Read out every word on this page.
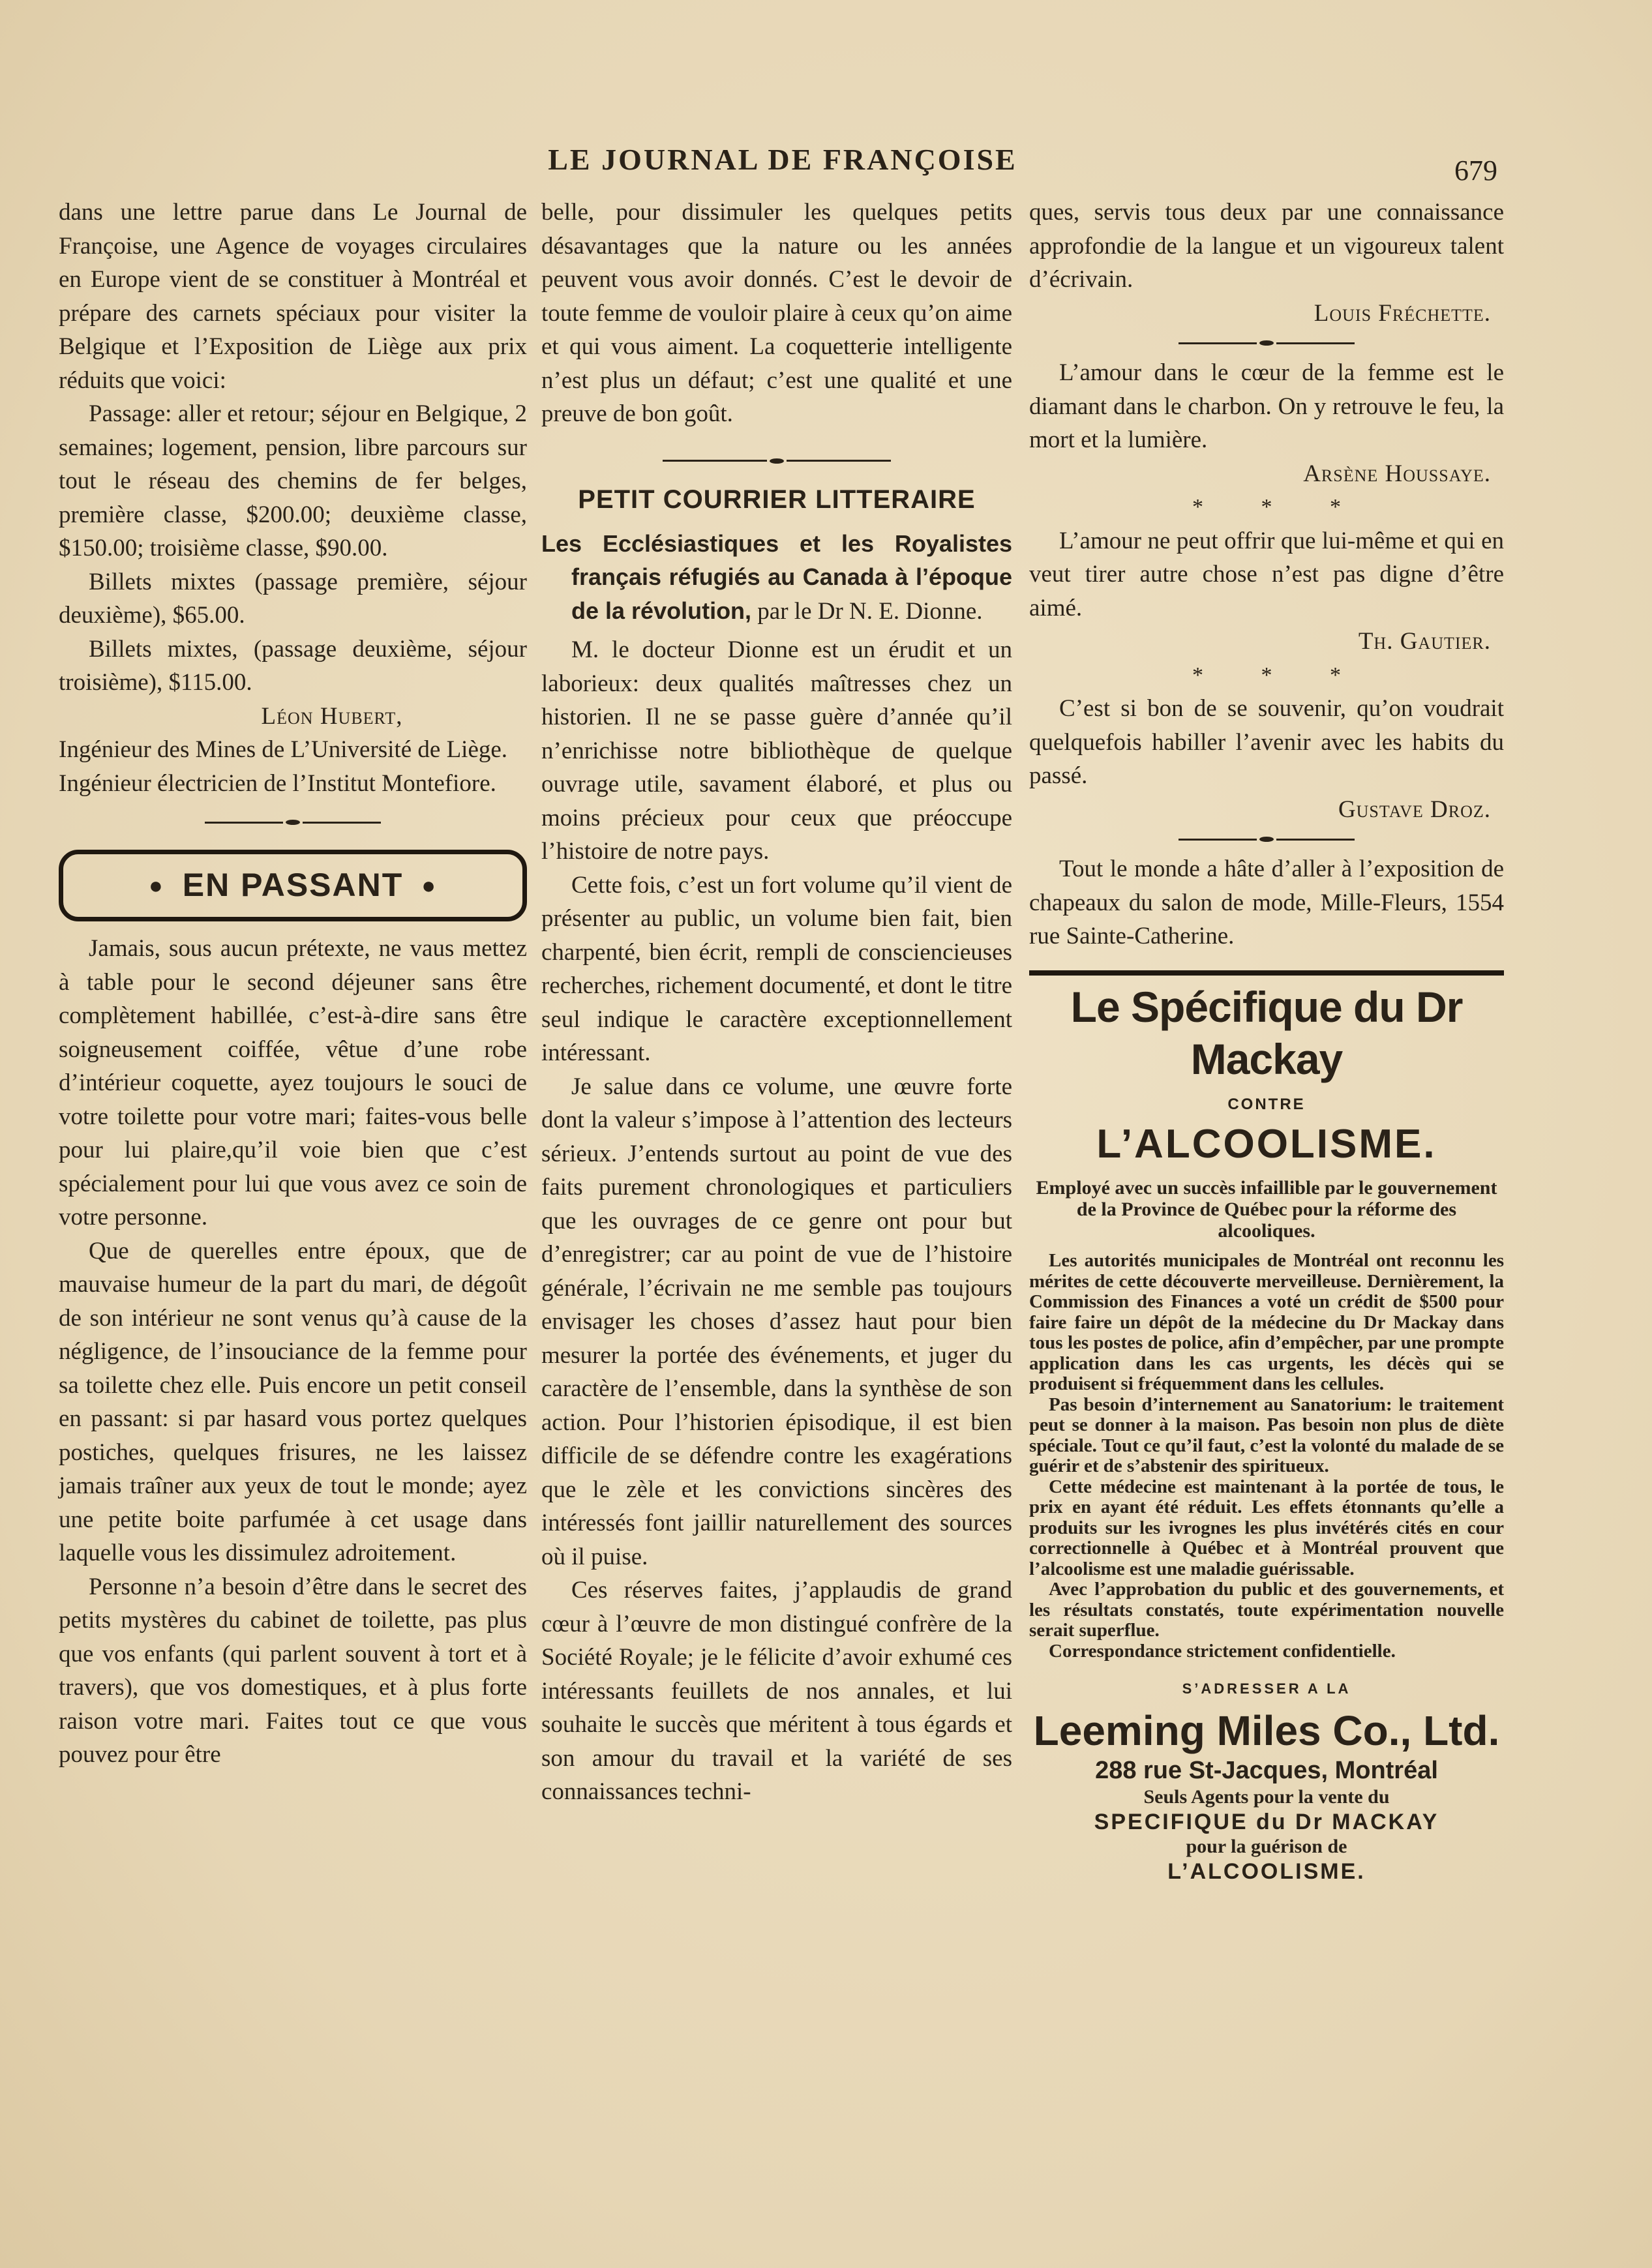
LE JOURNAL DE FRANÇOISE	679

dans une lettre parue dans Le Journal de Françoise, une Agence de voyages circulaires en Europe vient de se constituer à Montréal et prépare des carnets spéciaux pour visiter la Belgique et l’Exposition de Liège aux prix réduits que voici:

Passage: aller et retour; séjour en Belgique, 2 semaines; logement, pension, libre parcours sur tout le réseau des chemins de fer belges, première classe, $200.00; deuxième classe, $150.00; troisième classe, $90.00.

Billets mixtes (passage première, séjour deuxième), $65.00.

Billets mixtes, (passage deuxième, séjour troisième), $115.00.

Léon Hubert,

Ingénieur des Mines de L’Université de Liège.

Ingénieur électricien de l’Institut Montefiore.

● EN PASSANT ●

Jamais, sous aucun prétexte, ne vaus mettez à table pour le second déjeuner sans être complètement habillée, c’est-à-dire sans être soigneusement coiffée, vêtue d’une robe d’intérieur coquette, ayez toujours le souci de votre toilette pour votre mari; faites-vous belle pour lui plaire,qu’il voie bien que c’est spécialement pour lui que vous avez ce soin de votre personne.

Que de querelles entre époux, que de mauvaise humeur de la part du mari, de dégoût de son intérieur ne sont venus qu’à cause de la négligence, de l’insouciance de la femme pour sa toilette chez elle. Puis encore un petit conseil en passant: si par hasard vous portez quelques postiches, quelques frisures, ne les laissez jamais traîner aux yeux de tout le monde; ayez une petite boite parfumée à cet usage dans laquelle vous les dissimulez adroitement.

Personne n’a besoin d’être dans le secret des petits mystères du cabinet de toilette, pas plus que vos enfants (qui parlent souvent à tort et à travers), que vos domestiques, et à plus forte raison votre mari. Faites tout ce que vous pouvez pour être

belle, pour dissimuler les quelques petits désavantages que la nature ou les années peuvent vous avoir donnés. C’est le devoir de toute femme de vouloir plaire à ceux qu’on aime et qui vous aiment. La coquetterie intelligente n’est plus un défaut; c’est une qualité et une preuve de bon goût.

PETIT COURRIER LITTERAIRE

Les Ecclésiastiques et les Royalistes français réfugiés au Canada à l’époque de la révolution, par le Dr N. E. Dionne.

M. le docteur Dionne est un érudit et un laborieux: deux qualités maîtresses chez un historien. Il ne se passe guère d’année qu’il n’enrichisse notre bibliothèque de quelque ouvrage utile, savament élaboré, et plus ou moins précieux pour ceux que préoccupe l’histoire de notre pays.

Cette fois, c’est un fort volume qu’il vient de présenter au public, un volume bien fait, bien charpenté, bien écrit, rempli de consciencieuses recherches, richement documenté, et dont le titre seul indique le caractère exceptionnellement intéressant.

Je salue dans ce volume, une œuvre forte dont la valeur s’impose à l’attention des lecteurs sérieux. J’entends surtout au point de vue des faits purement chronologiques et particuliers que les ouvrages de ce genre ont pour but d’enregistrer; car au point de vue de l’histoire générale, l’écrivain ne me semble pas toujours envisager les choses d’assez haut pour bien mesurer la portée des événements, et juger du caractère de l’ensemble, dans la synthèse de son action. Pour l’historien épisodique, il est bien difficile de se défendre contre les exagérations que le zèle et les convictions sincères des intéressés font jaillir naturellement des sources où il puise.

Ces réserves faites, j’applaudis de grand cœur à l’œuvre de mon distingué confrère de la Société Royale; je le félicite d’avoir exhumé ces intéressants feuillets de nos annales, et lui souhaite le succès que méritent à tous égards et son amour du travail et la variété de ses connaissances techni-

ques, servis tous deux par une connaissance approfondie de la langue et un vigoureux talent d’écrivain.

Louis Fréchette.

L’amour dans le cœur de la femme est le diamant dans le charbon. On y retrouve le feu, la mort et la lumière.

Arsène Houssaye.

* * *

L’amour ne peut offrir que lui-même et qui en veut tirer autre chose n’est pas digne d’être aimé.

Th. Gautier.

* * *

C’est si bon de se souvenir, qu’on voudrait quelquefois habiller l’avenir avec les habits du passé.

Gustave Droz.

Tout le monde a hâte d’aller à l’exposition de chapeaux du salon de mode, Mille-Fleurs, 1554 rue Sainte-Catherine.

Le Spécifique du Dr Mackay
CONTRE
L’ALCOOLISME.
Employé avec un succès infaillible par le gouvernement de la Province de Québec pour la réforme des alcooliques.

Les autorités municipales de Montréal ont reconnu les mérites de cette découverte merveilleuse. Dernièrement, la Commission des Finances a voté un crédit de $500 pour faire faire un dépôt de la médecine du Dr Mackay dans tous les postes de police, afin d’empêcher, par une prompte application dans les cas urgents, les décès qui se produisent si fréquemment dans les cellules.

Pas besoin d’internement au Sanatorium: le traitement peut se donner à la maison. Pas besoin non plus de diète spéciale. Tout ce qu’il faut, c’est la volonté du malade de se guérir et de s’abstenir des spiritueux.

Cette médecine est maintenant à la portée de tous, le prix en ayant été réduit. Les effets étonnants qu’elle a produits sur les ivrognes les plus invétérés cités en cour correctionnelle à Québec et à Montréal prouvent que l’alcoolisme est une maladie guérissable.

Avec l’approbation du public et des gouvernements, et les résultats constatés, toute expérimentation nouvelle serait superflue.

Correspondance strictement confidentielle.

S’ADRESSER A LA
Leeming Miles Co., Ltd.
288 rue St-Jacques, Montréal
Seuls Agents pour la vente du
SPECIFIQUE du Dr MACKAY
pour la guérison de
L’ALCOOLISME.
